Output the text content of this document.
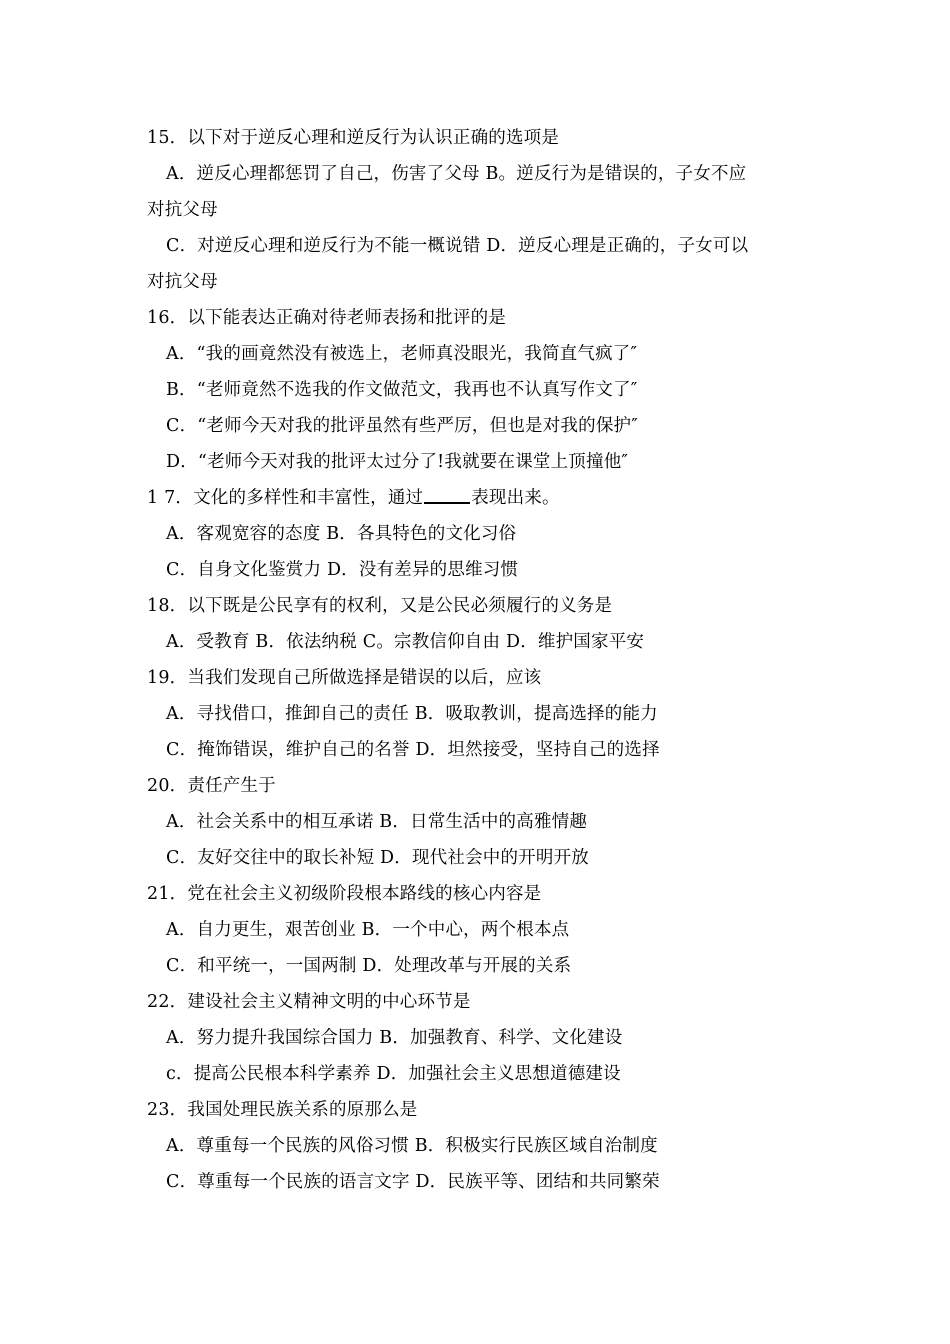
15．以下对于逆反心理和逆反行为认识正确的选项是
A．逆反心理都惩罚了自己，伤害了父母 B。逆反行为是错误的，子女不应
对抗父母
C．对逆反心理和逆反行为不能一概说错 D．逆反心理是正确的，子女可以
对抗父母
16．以下能表达正确对待老师表扬和批评的是
A．“我的画竟然没有被选上，老师真没眼光，我简直气疯了″
B．“老师竟然不选我的作文做范文，我再也不认真写作文了″
C．“老师今天对我的批评虽然有些严厉，但也是对我的保护″
D．“老师今天对我的批评太过分了!我就要在课堂上顶撞他″
1 7．文化的多样性和丰富性，通过	表现出来。
A．客观宽容的态度 B．各具特色的文化习俗
C．自身文化鉴赏力 D．没有差异的思维习惯
18．以下既是公民享有的权利，又是公民必须履行的义务是
A．受教育 B．依法纳税 C。宗教信仰自由 D．维护国家平安
19．当我们发现自己所做选择是错误的以后，应该
A．寻找借口，推卸自己的责任 B．吸取教训，提高选择的能力
C．掩饰错误，维护自己的名誉 D．坦然接受，坚持自己的选择
20．责任产生于
A．社会关系中的相互承诺 B．日常生活中的高雅情趣
C．友好交往中的取长补短 D．现代社会中的开明开放
21．党在社会主义初级阶段根本路线的核心内容是
A．自力更生，艰苦创业 B．一个中心，两个根本点
C．和平统一，一国两制 D．处理改革与开展的关系
22．建设社会主义精神文明的中心环节是
A．努力提升我国综合国力 B．加强教育、科学、文化建设
c．提高公民根本科学素养 D．加强社会主义思想道德建设
23．我国处理民族关系的原那么是
A．尊重每一个民族的风俗习惯 B．积极实行民族区域自治制度
C．尊重每一个民族的语言文字 D．民族平等、团结和共同繁荣
